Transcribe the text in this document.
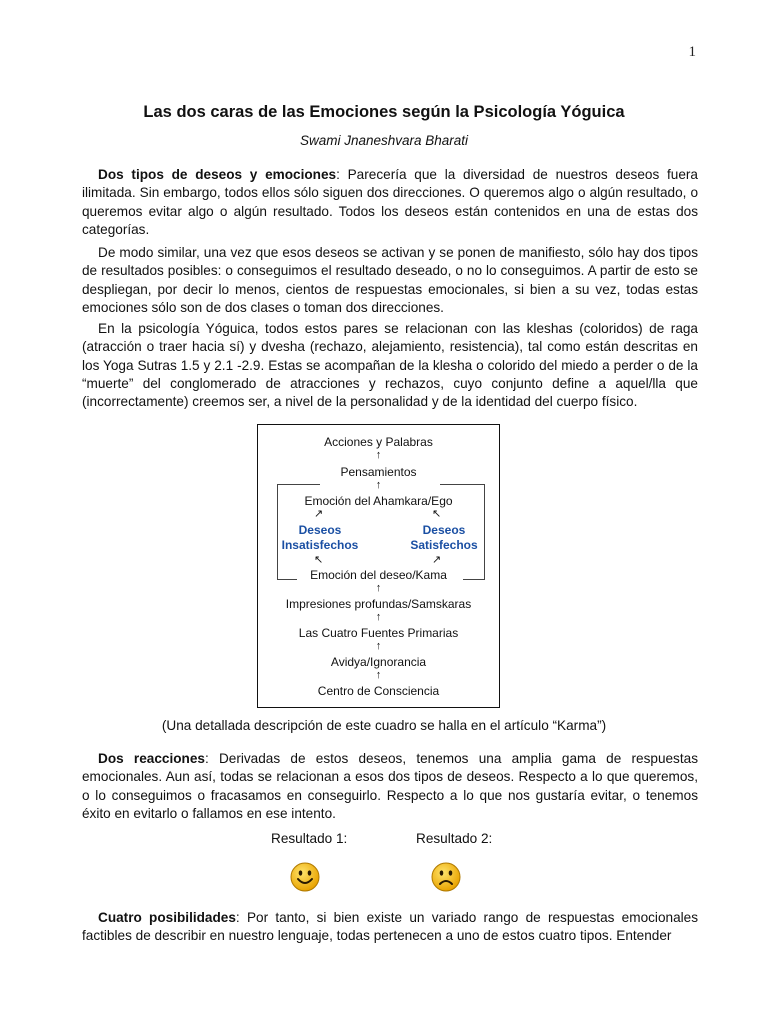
1
Las dos caras de las Emociones según la Psicología Yóguica
Swami Jnaneshvara Bharati

Dos tipos de deseos y emociones: Parecería que la diversidad de nuestros deseos fuera ilimitada. Sin embargo, todos ellos sólo siguen dos direcciones. O queremos algo o algún resultado, o queremos evitar algo o algún resultado. Todos los deseos están contenidos en una de estas dos categorías.

De modo similar, una vez que esos deseos se activan y se ponen de manifiesto, sólo hay dos tipos de resultados posibles: o conseguimos el resultado deseado, o no lo conseguimos. A partir de esto se despliegan, por decir lo menos, cientos de respuestas emocionales, si bien a su vez, todas estas emociones sólo son de dos clases o toman dos direcciones.

En la psicología Yóguica, todos estos pares se relacionan con las kleshas (coloridos) de raga (atracción o traer hacia sí) y dvesha (rechazo, alejamiento, resistencia), tal como están descritas en los Yoga Sutras 1.5 y 2.1 -2.9. Estas se acompañan de la klesha o colorido del miedo a perder o de la “muerte” del conglomerado de atracciones y rechazos, cuyo conjunto define a aquel/lla que (incorrectamente) creemos ser, a nivel de la personalidad y de la identidad del cuerpo físico.

Acciones y Palabras
↑
Pensamientos
↑
Emoción del Ahamkara/Ego
↗	↖
Deseos
Insatisfechos
Deseos
Satisfechos
↖	↗
Emoción del deseo/Kama
↑
Impresiones profundas/Samskaras
↑
Las Cuatro Fuentes Primarias
↑
Avidya/Ignorancia
↑
Centro de Consciencia
(Una detallada descripción de este cuadro se halla en el artículo “Karma”)

Dos reacciones: Derivadas de estos deseos, tenemos una amplia gama de respuestas emocionales. Aun así, todas se relacionan a esos dos tipos de deseos. Respecto a lo que queremos, o lo conseguimos o fracasamos en conseguirlo. Respecto a lo que nos gustaría evitar, o tenemos éxito en evitarlo o fallamos en ese intento.

Resultado 1:	Resultado 2:

Cuatro posibilidades: Por tanto, si bien existe un variado rango de respuestas emocionales factibles de describir en nuestro lenguaje, todas pertenecen a uno de estos cuatro tipos. Entender
